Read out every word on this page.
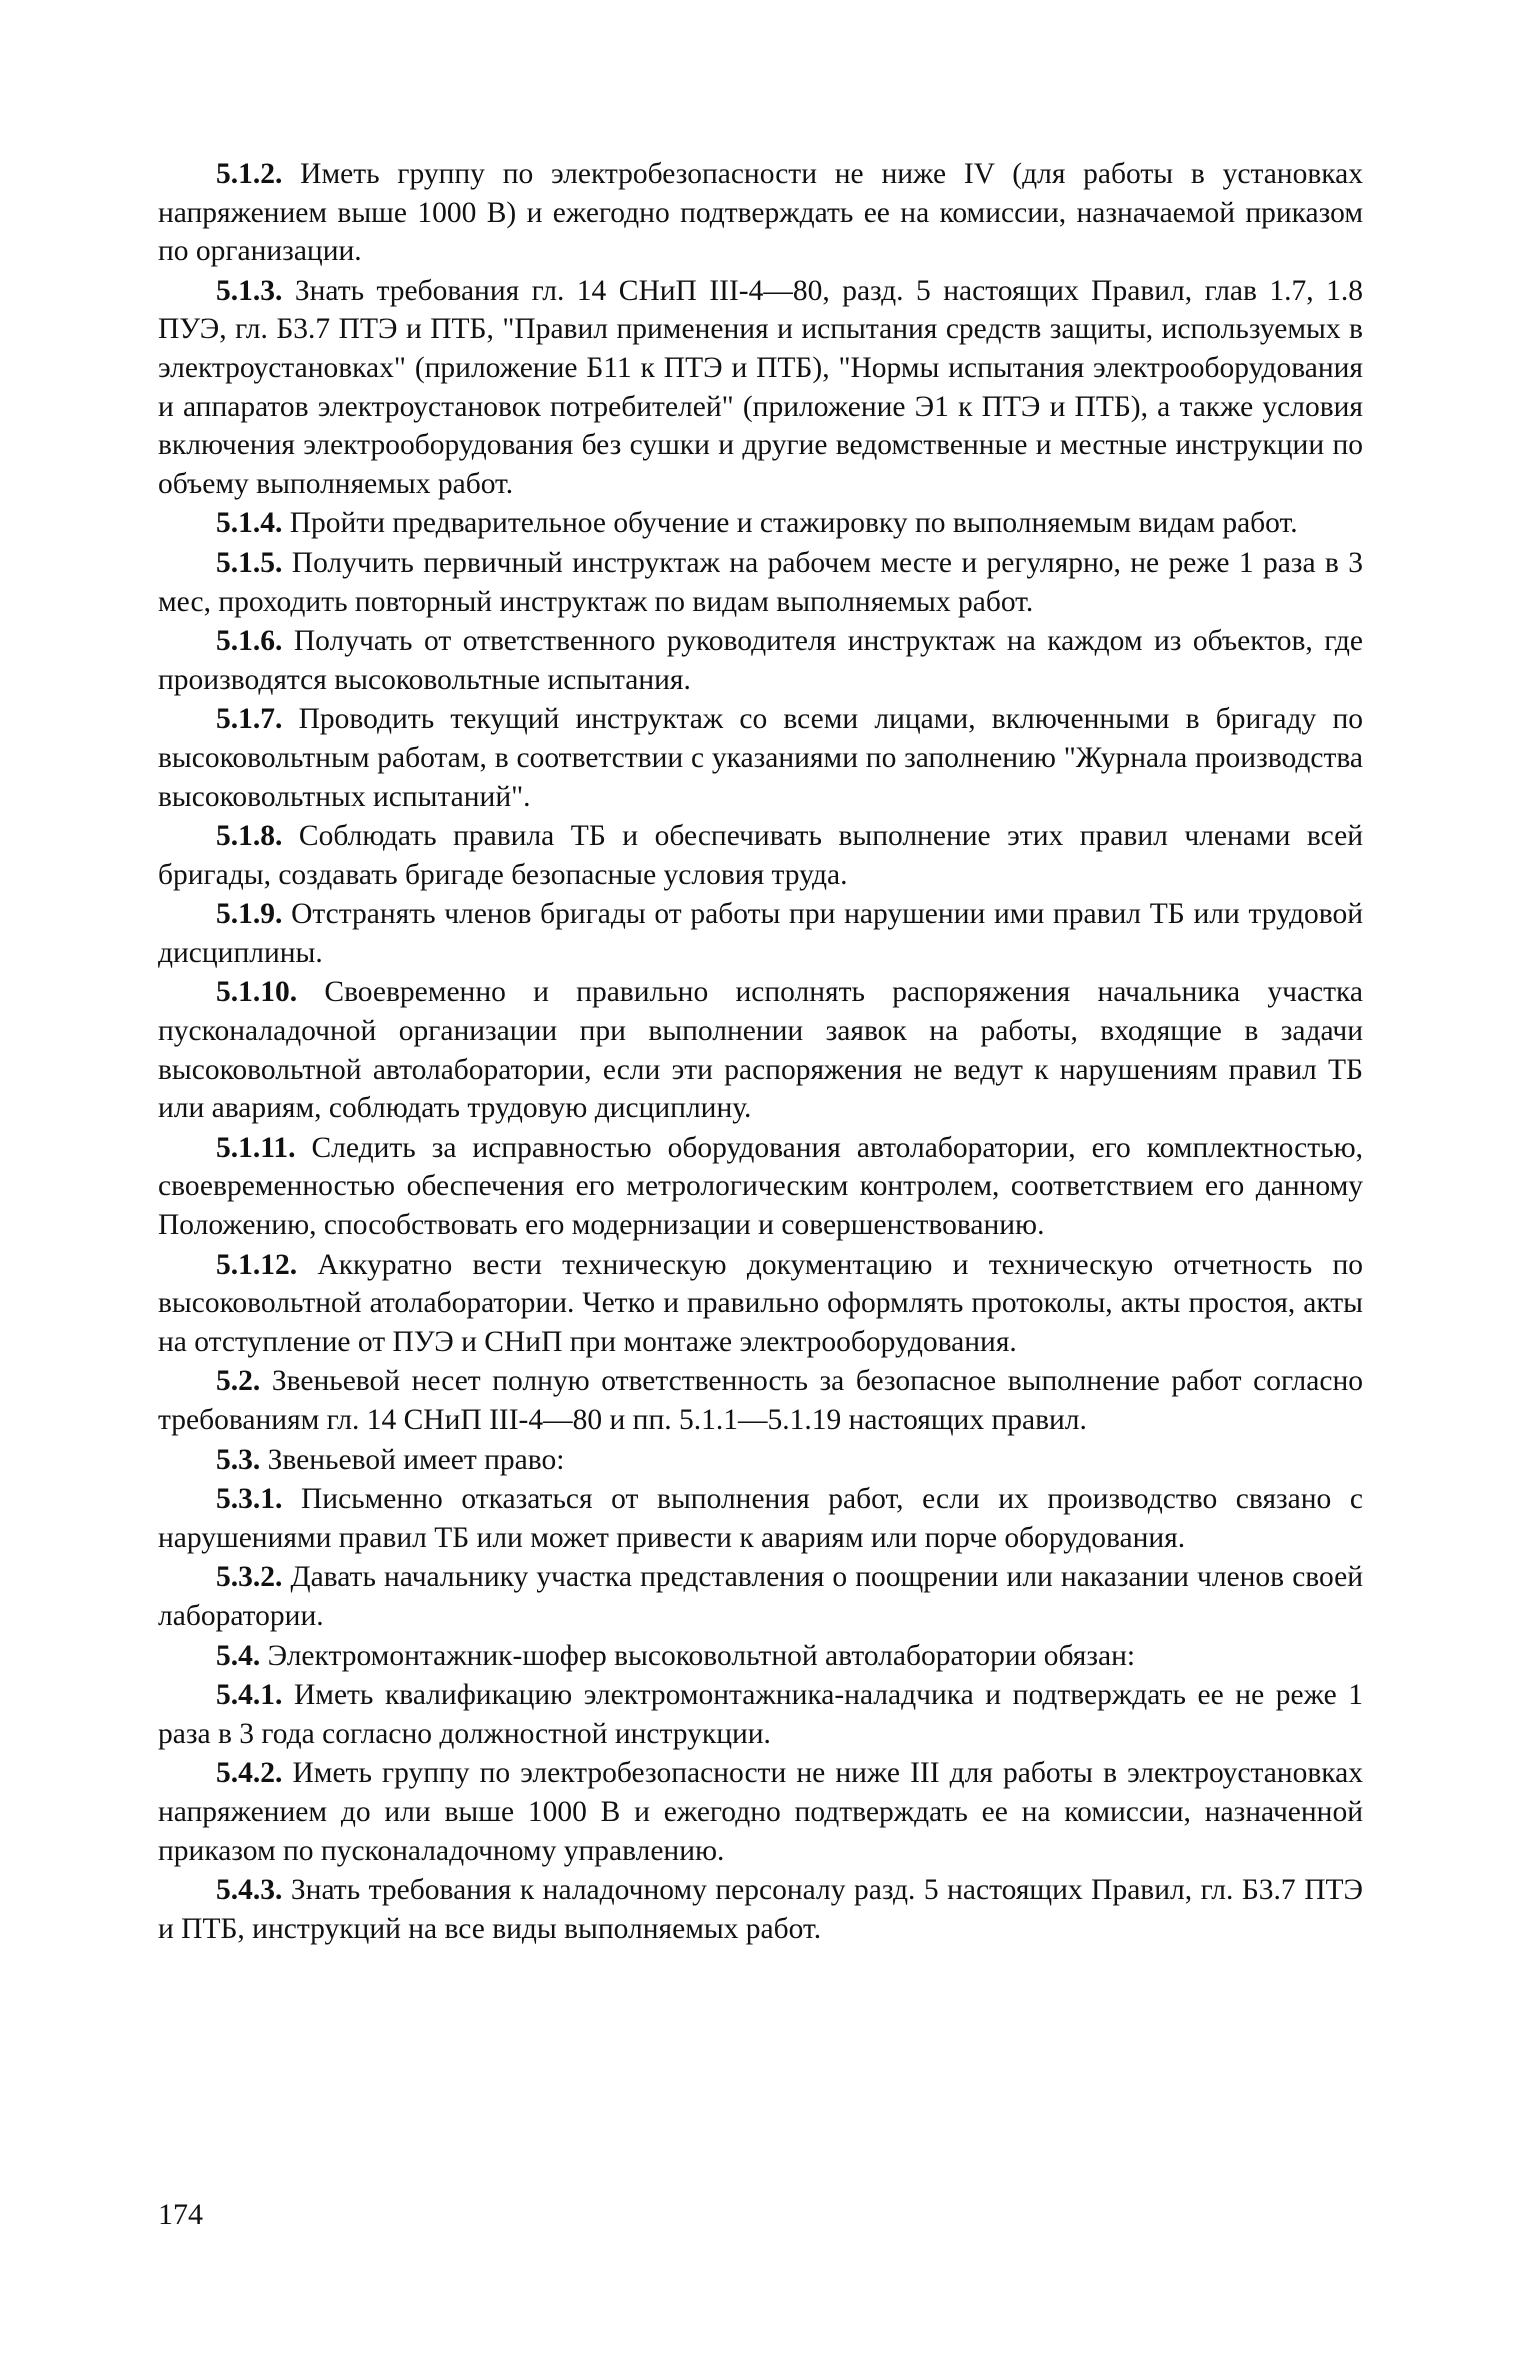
5.1.2. Иметь группу по электробезопасности не ниже IV (для работы в установках напряжением выше 1000 В) и ежегодно подтверждать ее на комиссии, назначаемой приказом по организации.

5.1.3. Знать требования гл. 14 СНиП III-4—80, разд. 5 настоящих Правил, глав 1.7, 1.8 ПУЭ, гл. Б3.7 ПТЭ и ПТБ, "Правил применения и испытания средств защиты, используемых в электроустановках" (приложение Б11 к ПТЭ и ПТБ), "Нормы испытания электрооборудования и аппаратов электроустановок потребителей" (приложение Э1 к ПТЭ и ПТБ), а также условия включения электрооборудования без сушки и другие ведомственные и местные инструкции по объему выполняемых работ.

5.1.4. Пройти предварительное обучение и стажировку по выполняемым видам работ.

5.1.5. Получить первичный инструктаж на рабочем месте и регулярно, не реже 1 раза в 3 мес, проходить повторный инструктаж по видам выполняемых работ.

5.1.6. Получать от ответственного руководителя инструктаж на каждом из объектов, где производятся высоковольтные испытания.

5.1.7. Проводить текущий инструктаж со всеми лицами, включенными в бригаду по высоковольтным работам, в соответствии с указаниями по заполнению "Журнала производства высоковольтных испытаний".

5.1.8. Соблюдать правила ТБ и обеспечивать выполнение этих правил членами всей бригады, создавать бригаде безопасные условия труда.

5.1.9. Отстранять членов бригады от работы при нарушении ими правил ТБ или трудовой дисциплины.

5.1.10. Своевременно и правильно исполнять распоряжения начальника участка пусконаладочной организации при выполнении заявок на работы, входящие в задачи высоковольтной автолаборатории, если эти распоряжения не ведут к нарушениям правил ТБ или авариям, соблюдать трудовую дисциплину.

5.1.11. Следить за исправностью оборудования автолаборатории, его комплектностью, своевременностью обеспечения его метрологическим контролем, соответствием его данному Положению, способствовать его модернизации и совершенствованию.

5.1.12. Аккуратно вести техническую документацию и техническую отчетность по высоковольтной атолаборатории. Четко и правильно оформлять протоколы, акты простоя, акты на отступление от ПУЭ и СНиП при монтаже электрооборудования.

5.2. Звеньевой несет полную ответственность за безопасное выполнение работ согласно требованиям гл. 14 СНиП III-4—80 и пп. 5.1.1—5.1.19 настоящих правил.

5.3. Звеньевой имеет право:

5.3.1. Письменно отказаться от выполнения работ, если их производство связано с нарушениями правил ТБ или может привести к авариям или порче оборудования.

5.3.2. Давать начальнику участка представления о поощрении или наказании членов своей лаборатории.

5.4. Электромонтажник-шофер высоковольтной автолаборатории обязан:

5.4.1. Иметь квалификацию электромонтажника-наладчика и подтверждать ее не реже 1 раза в 3 года согласно должностной инструкции.

5.4.2. Иметь группу по электробезопасности не ниже III для работы в электроустановках напряжением до или выше 1000 В и ежегодно подтверждать ее на комиссии, назначенной приказом по пусконаладочному управлению.

5.4.3. Знать требования к наладочному персоналу разд. 5 настоящих Правил, гл. Б3.7 ПТЭ и ПТБ, инструкций на все виды выполняемых работ.

174
